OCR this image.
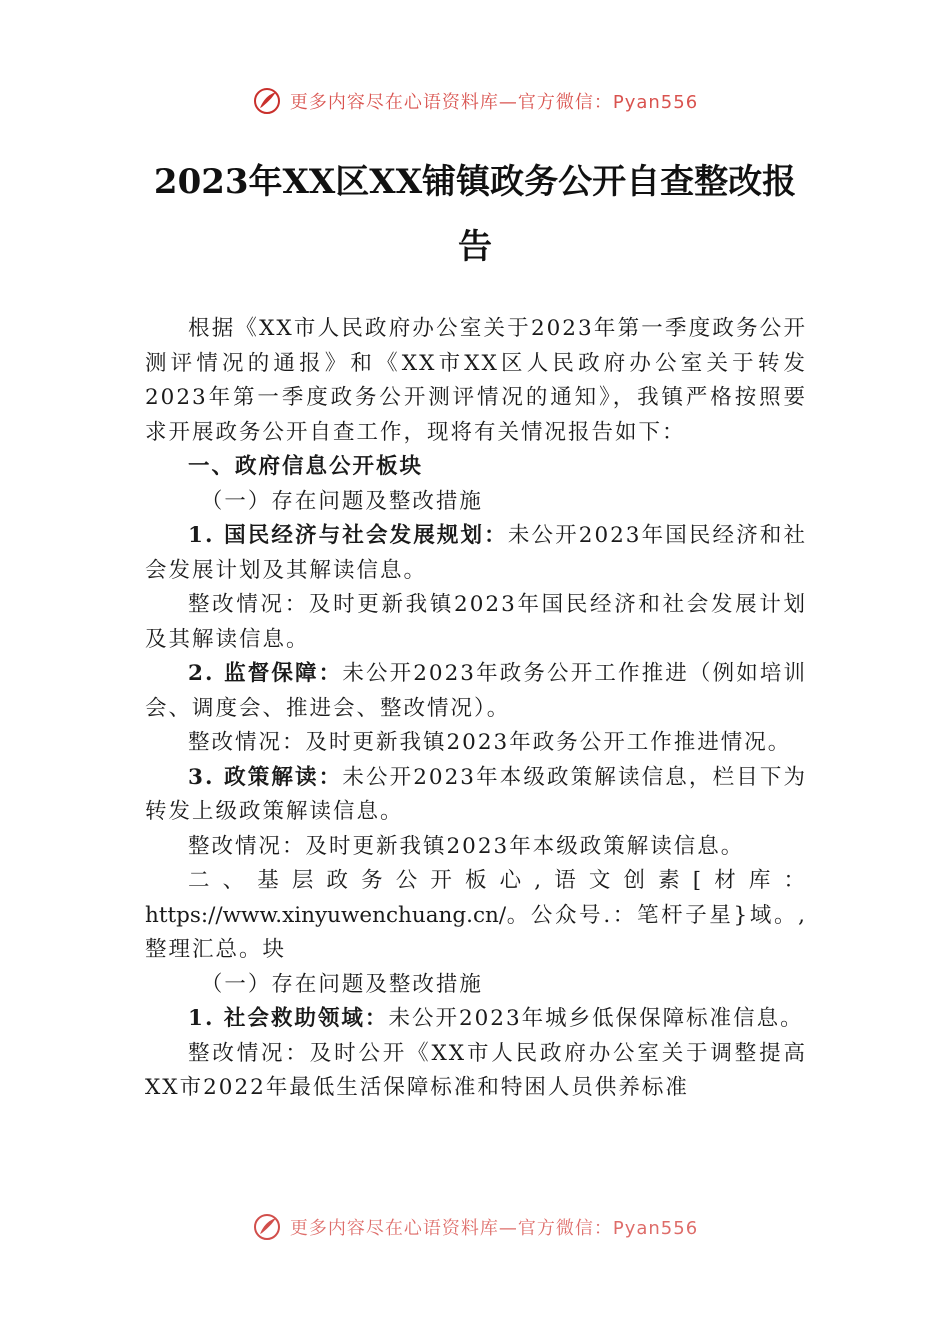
更多内容尽在心语资料库—官方微信：Pyan556
2023年XX区XX铺镇政务公开自查整改报
告

根据《XX市人民政府办公室关于2023年第一季度政务公开测评情况的通报》和《XX市XX区人民政府办公室关于转发2023年第一季度政务公开测评情况的通知》，我镇严格按照要求开展政务公开自查工作，现将有关情况报告如下：

一、政府信息公开板块

（一）存在问题及整改措施

1. 国民经济与社会发展规划：未公开2023年国民经济和社会发展计划及其解读信息。

整改情况：及时更新我镇2023年国民经济和社会发展计划及其解读信息。

2. 监督保障：未公开2023年政务公开工作推进（例如培训会、调度会、推进会、整改情况）。

整改情况：及时更新我镇2023年政务公开工作推进情况。

3. 政策解读：未公开2023年本级政策解读信息，栏目下为转发上级政策解读信息。

整改情况：及时更新我镇2023年本级政策解读信息。

二、基层政务公开板心,语文创素[材库：https://www.xinyuwenchuang.cn/。公众号.：笔杆子星}域。,整理汇总。块

（一）存在问题及整改措施

1. 社会救助领域：未公开2023年城乡低保保障标准信息。

整改情况：及时公开《XX市人民政府办公室关于调整提高XX市2022年最低生活保障标准和特困人员供养标准

更多内容尽在心语资料库—官方微信：Pyan556
